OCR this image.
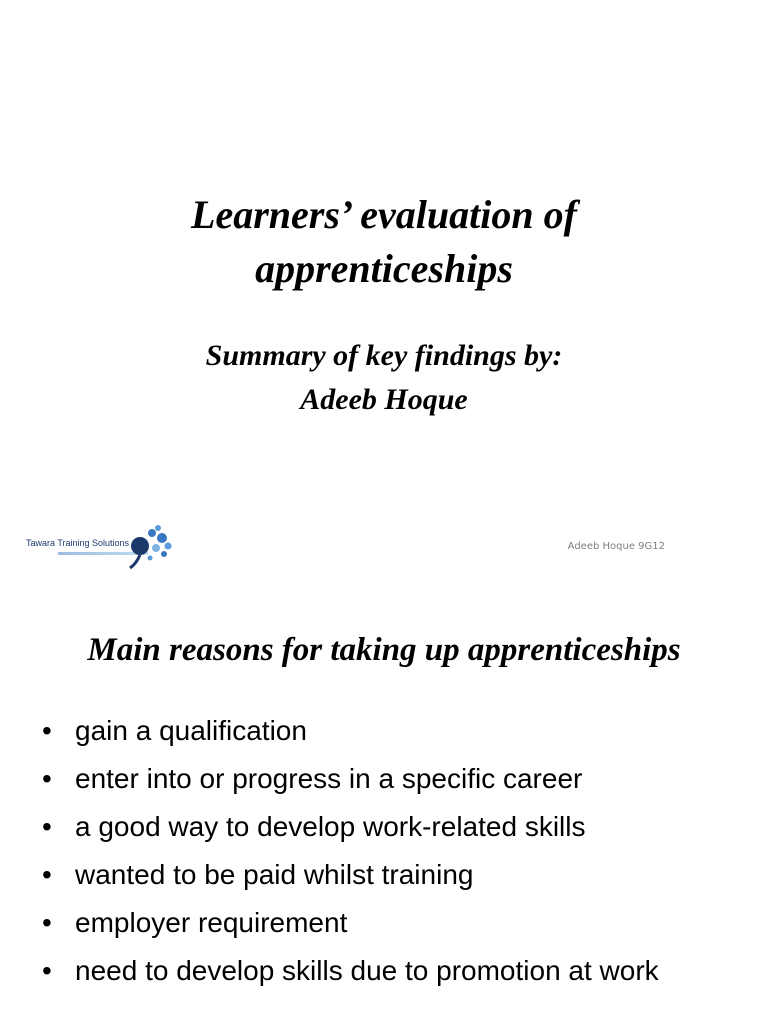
Learners’ evaluation of
apprenticeships
Summary of key findings by:
Adeeb Hoque
Tawara Training Solutions	Adeeb Hoque 9G12
Main reasons for taking up apprenticeships
• gain a qualification
• enter into or progress in a specific career
• a good way to develop work-related skills
• wanted to be paid whilst training
• employer requirement
• need to develop skills due to promotion at work
